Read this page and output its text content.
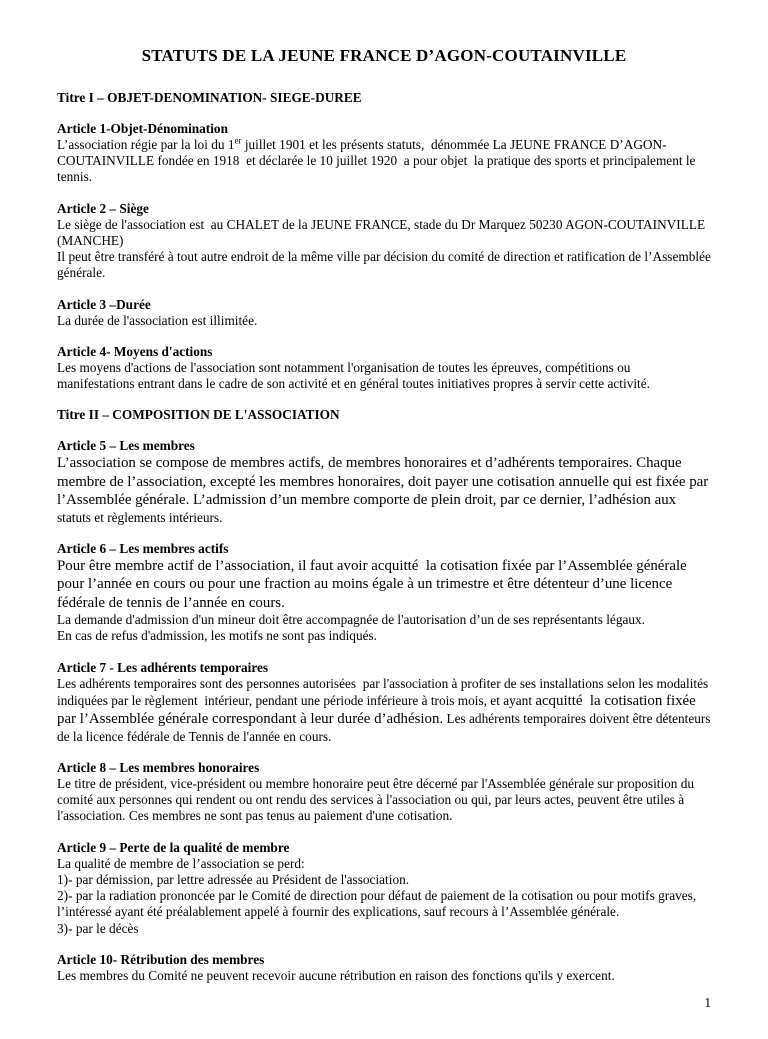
STATUTS DE LA JEUNE FRANCE D’AGON-COUTAINVILLE
Titre I – OBJET-DENOMINATION- SIEGE-DUREE
Article 1-Objet-Dénomination

L’association régie par la loi du 1er juillet 1901 et les présents statuts,  dénommée La JEUNE FRANCE D’AGON-COUTAINVILLE fondée en 1918  et déclarée le 10 juillet 1920  a pour objet  la pratique des sports et principalement le tennis.

Article 2 – Siège

Le siège de l'association est  au CHALET de la JEUNE FRANCE, stade du Dr Marquez 50230 AGON-COUTAINVILLE  (MANCHE)

Il peut être transféré à tout autre endroit de la même ville par décision du comité de direction et ratification de l’Assemblée générale.

Article 3 –Durée

La durée de l'association est illimitée.

Article 4- Moyens d'actions

Les moyens d'actions de l'association sont notamment l'organisation de toutes les épreuves, compétitions ou manifestations entrant dans le cadre de son activité et en général toutes initiatives propres à servir cette activité.

Titre II – COMPOSITION DE L'ASSOCIATION
Article 5 – Les membres

L’association se compose de membres actifs, de membres honoraires et d’adhérents temporaires. Chaque membre de l’association, excepté les membres honoraires, doit payer une cotisation annuelle qui est fixée par l’Assemblée générale. L’admission d’un membre comporte de plein droit, par ce dernier, l’adhésion aux statuts et règlements intérieurs.

Article 6 – Les membres actifs

Pour être membre actif de l’association, il faut avoir acquitté  la cotisation fixée par l’Assemblée générale pour l’année en cours ou pour une fraction au moins égale à un trimestre et être détenteur d’une licence fédérale de tennis de l’année en cours.

La demande d'admission d'un mineur doit être accompagnée de l'autorisation d’un de ses représentants légaux.

En cas de refus d'admission, les motifs ne sont pas indiqués.

Article 7 - Les adhérents temporaires

Les adhérents temporaires sont des personnes autorisées  par l'association à profiter de ses installations selon les modalités indiquées par le règlement  intérieur, pendant une période inférieure à trois mois, et ayant acquitté  la cotisation fixée par l’Assemblée générale correspondant à leur durée d’adhésion. Les adhérents temporaires doivent être détenteurs de la licence fédérale de Tennis de l'année en cours.

Article 8 – Les membres honoraires

Le titre de président, vice-président ou membre honoraire peut être décerné par l'Assemblée générale sur proposition du comité aux personnes qui rendent ou ont rendu des services à l'association ou qui, par leurs actes, peuvent être utiles à l'association. Ces membres ne sont pas tenus au paiement d'une cotisation.

Article 9 – Perte de la qualité de membre

La qualité de membre de l’association se perd:

1)- par démission, par lettre adressée au Président de l'association.

2)- par la radiation prononcée par le Comité de direction pour défaut de paiement de la cotisation ou pour motifs graves, l’intéressé ayant été préalablement appelé à fournir des explications, sauf recours à l’Assemblée générale.

3)- par le décès

Article 10- Rétribution des membres

Les membres du Comité ne peuvent recevoir aucune rétribution en raison des fonctions qu'ils y exercent.

1
